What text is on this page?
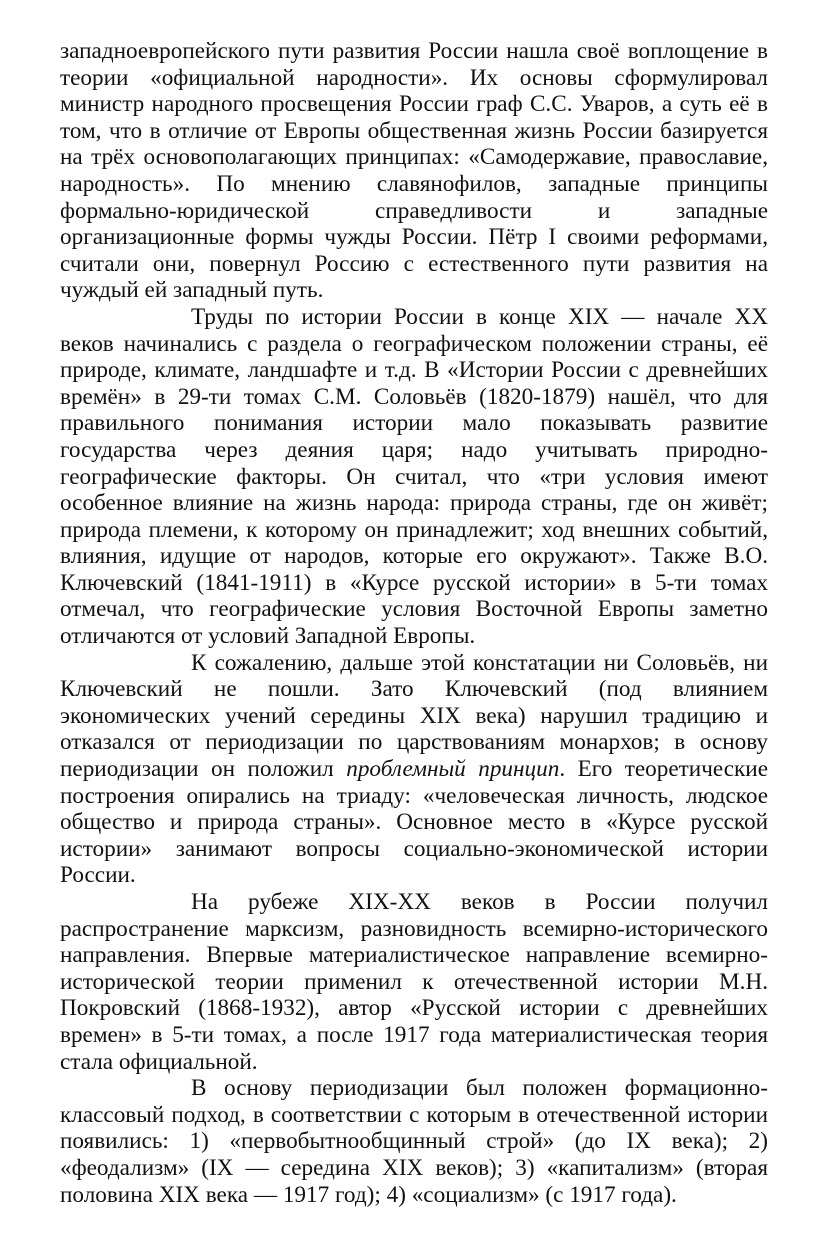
западноевропейского пути развития России нашла своё воплощение в теории «официальной народности». Их основы сформулировал министр народного просвещения России граф С.С. Уваров, а суть её в том, что в отличие от Европы общественная жизнь России базируется на трёх основополагающих принципах: «Самодержавие, православие, народность». По мнению славянофилов, западные принципы формально-юридической справедливости и западные организационные формы чужды России. Пётр I своими реформами, считали они, повернул Россию с естественного пути развития на чуждый ей западный путь.

Труды по истории России в конце XIX — начале XX веков начинались с раздела о географическом положении страны, её природе, климате, ландшафте и т.д. В «Истории России с древнейших времён» в 29-ти томах С.М. Соловьёв (1820-1879) нашёл, что для правильного понимания истории мало показывать развитие государства через деяния царя; надо учитывать природно-географические факторы. Он считал, что «три условия имеют особенное влияние на жизнь народа: природа страны, где он живёт; природа племени, к которому он принадлежит; ход внешних событий, влияния, идущие от народов, которые его окружают». Также В.О. Ключевский (1841-1911) в «Курсе русской истории» в 5-ти томах отмечал, что географические условия Восточной Европы заметно отличаются от условий Западной Европы.

К сожалению, дальше этой констатации ни Соловьёв, ни Ключевский не пошли. Зато Ключевский (под влиянием экономических учений середины XIX века) нарушил традицию и отказался от периодизации по царствованиям монархов; в основу периодизации он положил проблемный принцип. Его теоретические построения опирались на триаду: «человеческая личность, людское общество и природа страны». Основное место в «Курсе русской истории» занимают вопросы социально-экономической истории России.

На рубеже XIX-XX веков в России получил распространение марксизм, разновидность всемирно-исторического направления. Впервые материалистическое направление всемирно-исторической теории применил к отечественной истории М.Н. Покровский (1868-1932), автор «Русской истории с древнейших времен» в 5-ти томах, а после 1917 года материалистическая теория стала официальной.

В основу периодизации был положен формационно-классовый подход, в соответствии с которым в отечественной истории появились: 1) «первобытнообщинный строй» (до IX века); 2) «феодализм» (IX — середина XIX веков); 3) «капитализм» (вторая половина XIX века — 1917 год); 4) «социализм» (с 1917 года).
